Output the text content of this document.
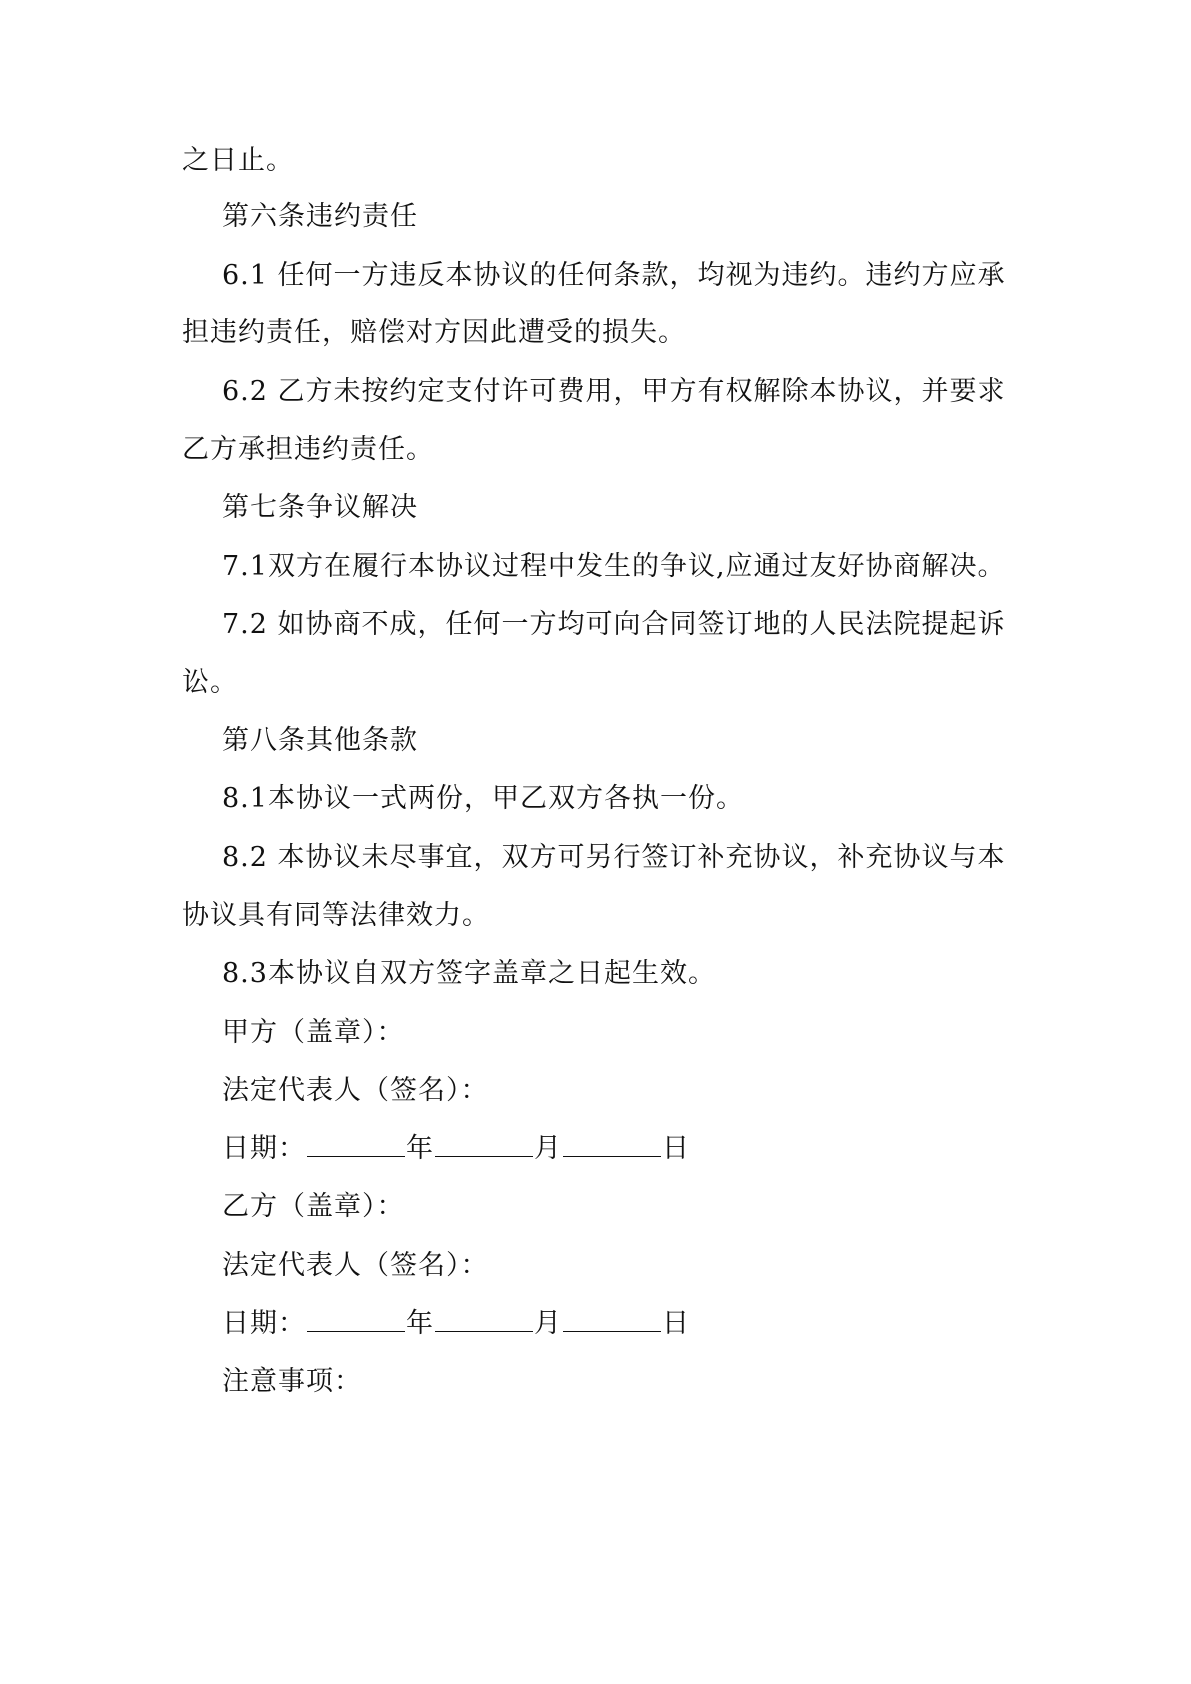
之日止。
第六条违约责任
6.1 任何一方违反本协议的任何条款，均视为违约。违约方应承
担违约责任，赔偿对方因此遭受的损失。
6.2 乙方未按约定支付许可费用，甲方有权解除本协议，并要求
乙方承担违约责任。
第七条争议解决
7.1双方在履行本协议过程中发生的争议,应通过友好协商解决。
7.2 如协商不成，任何一方均可向合同签订地的人民法院提起诉
讼。
第八条其他条款
8.1本协议一式两份，甲乙双方各执一份。
8.2 本协议未尽事宜，双方可另行签订补充协议，补充协议与本
协议具有同等法律效力。
8.3本协议自双方签字盖章之日起生效。
甲方（盖章）：
法定代表人（签名）：
日期：	年	月	日
乙方（盖章）：
法定代表人（签名）：
日期：	年	月	日
注意事项：
